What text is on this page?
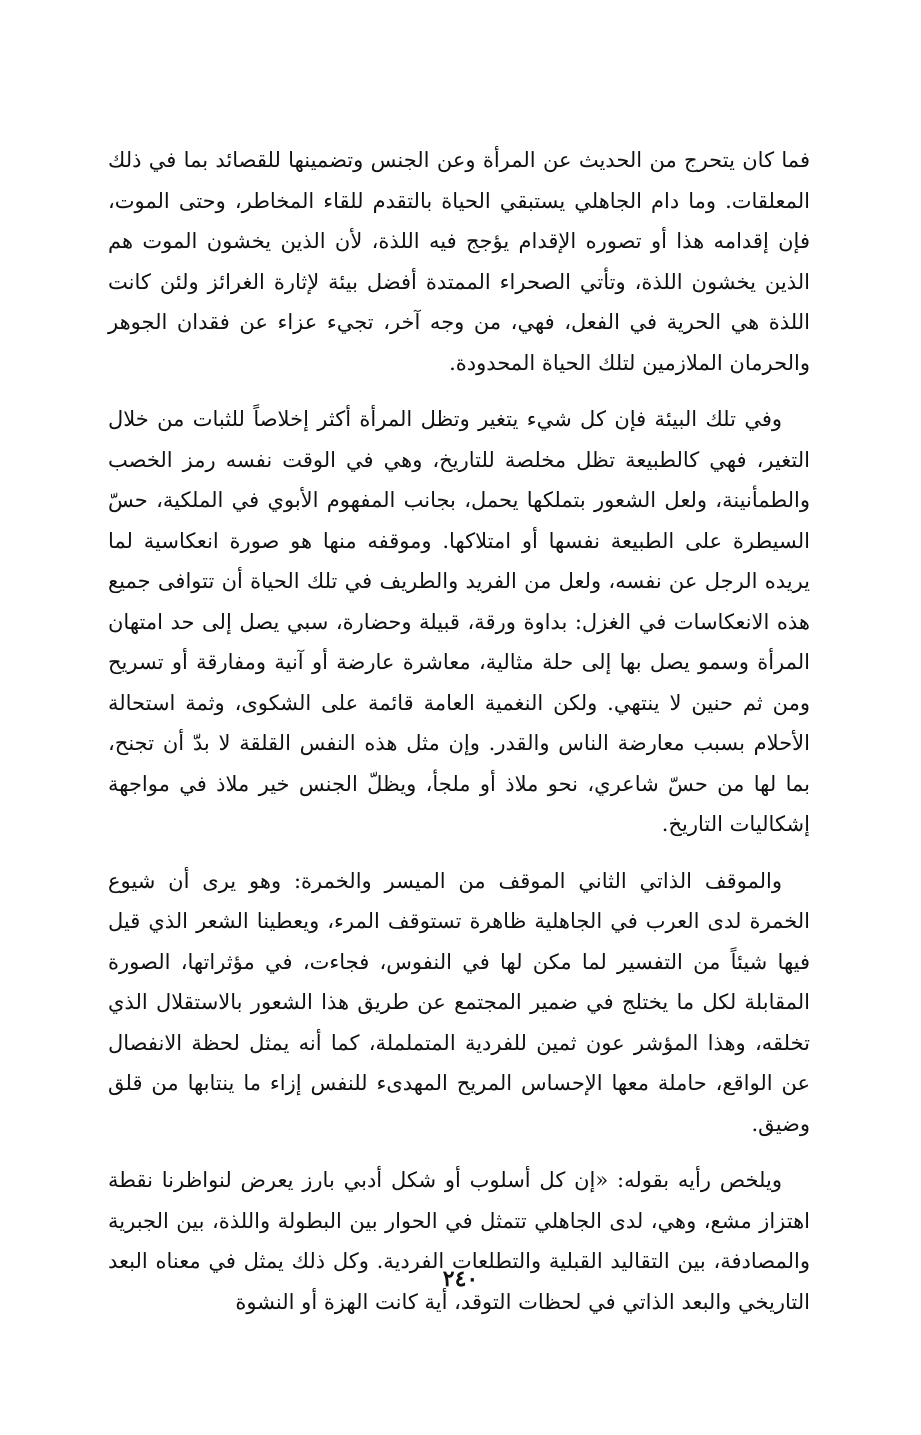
فما كان يتحرج من الحديث عن المرأة وعن الجنس وتضمينها للقصائد بما في ذلك المعلقات. وما دام الجاهلي يستبقي الحياة بالتقدم للقاء المخاطر، وحتى الموت، فإن إقدامه هذا أو تصوره الإقدام يؤجج فيه اللذة، لأن الذين يخشون الموت هم الذين يخشون اللذة، وتأتي الصحراء الممتدة أفضل بيئة لإثارة الغرائز ولئن كانت اللذة هي الحرية في الفعل، فهي، من وجه آخر، تجيء عزاء عن فقدان الجوهر والحرمان الملازمين لتلك الحياة المحدودة.

وفي تلك البيئة فإن كل شيء يتغير وتظل المرأة أكثر إخلاصاً للثبات من خلال التغير، فهي كالطبيعة تظل مخلصة للتاريخ، وهي في الوقت نفسه رمز الخصب والطمأنينة، ولعل الشعور بتملكها يحمل، بجانب المفهوم الأبوي في الملكية، حسّ السيطرة على الطبيعة نفسها أو امتلاكها. وموقفه منها هو صورة انعكاسية لما يريده الرجل عن نفسه، ولعل من الفريد والطريف في تلك الحياة أن تتوافى جميع هذه الانعكاسات في الغزل: بداوة ورقة، قبيلة وحضارة، سبي يصل إلى حد امتهان المرأة وسمو يصل بها إلى حلة مثالية، معاشرة عارضة أو آنية ومفارقة أو تسريح ومن ثم حنين لا ينتهي. ولكن النغمية العامة قائمة على الشكوى، وثمة استحالة الأحلام بسبب معارضة الناس والقدر. وإن مثل هذه النفس القلقة لا بدّ أن تجنح، بما لها من حسّ شاعري، نحو ملاذ أو ملجأ، ويظلّ الجنس خير ملاذ في مواجهة إشكاليات التاريخ.

والموقف الذاتي الثاني الموقف من الميسر والخمرة: وهو يرى أن شيوع الخمرة لدى العرب في الجاهلية ظاهرة تستوقف المرء، ويعطينا الشعر الذي قيل فيها شيئاً من التفسير لما مكن لها في النفوس، فجاءت، في مؤثراتها، الصورة المقابلة لكل ما يختلج في ضمير المجتمع عن طريق هذا الشعور بالاستقلال الذي تخلقه، وهذا المؤشر عون ثمين للفردية المتململة، كما أنه يمثل لحظة الانفصال عن الواقع، حاملة معها الإحساس المريح المهدىء للنفس إزاء ما ينتابها من قلق وضيق.

ويلخص رأيه بقوله: «إن كل أسلوب أو شكل أدبي بارز يعرض لنواظرنا نقطة اهتزاز مشع، وهي، لدى الجاهلي تتمثل في الحوار بين البطولة واللذة، بين الجبرية والمصادفة، بين التقاليد القبلية والتطلعات الفردية. وكل ذلك يمثل في معناه البعد التاريخي والبعد الذاتي في لحظات التوقد، أية كانت الهزة أو النشوة

٢٤٠
